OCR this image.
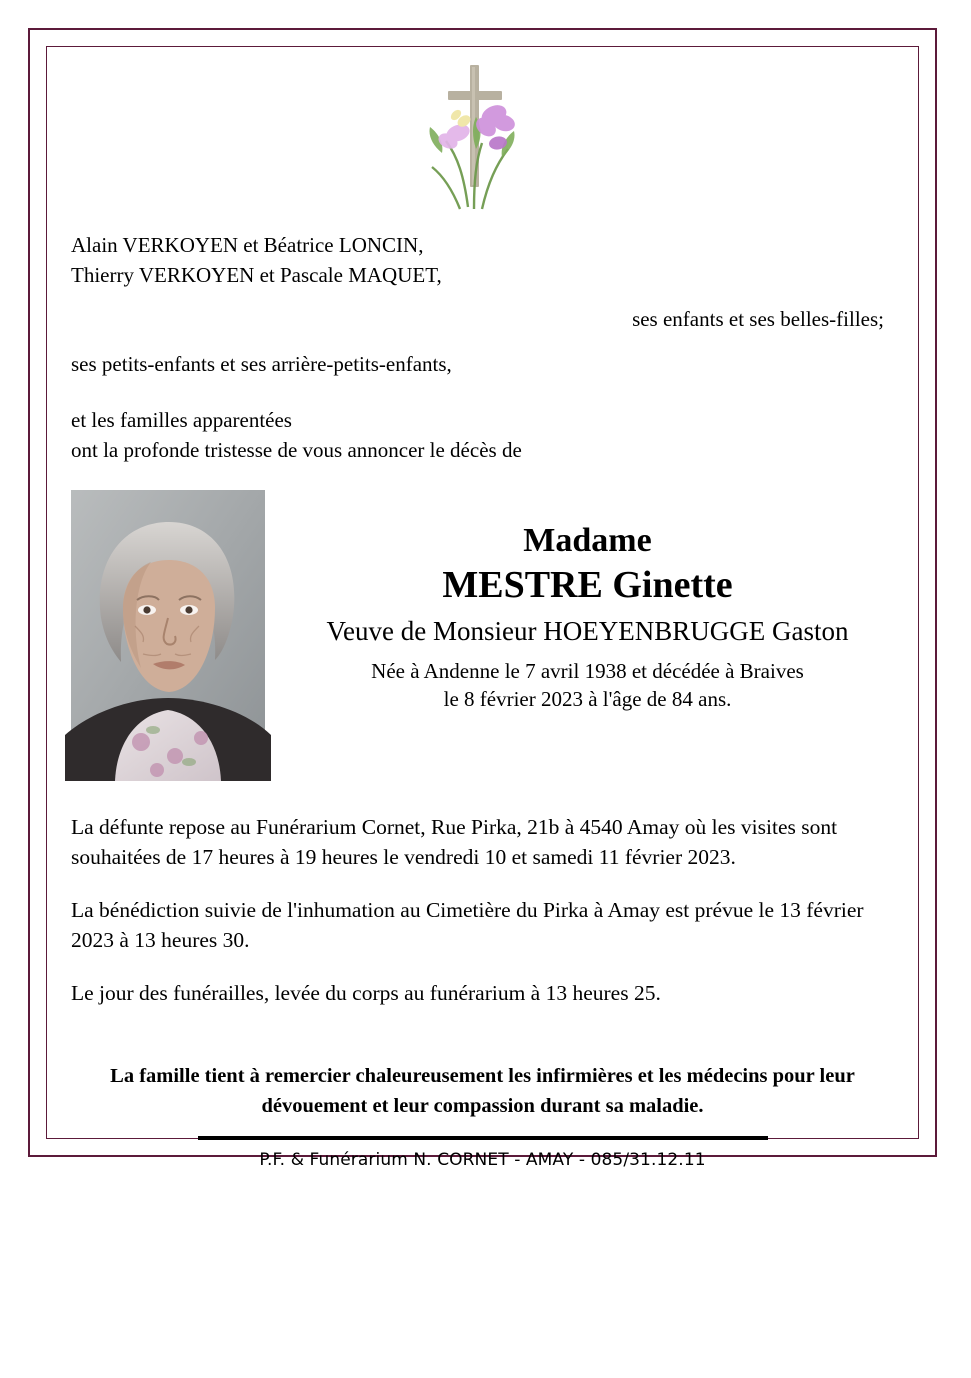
Alain VERKOYEN et Béatrice LONCIN,
Thierry VERKOYEN et Pascale MAQUET,
ses enfants et ses belles-filles;
ses petits-enfants et ses arrière-petits-enfants,
et les familles apparentées
ont la profonde tristesse de vous annoncer le décès de
Madame
MESTRE Ginette
Veuve de Monsieur HOEYENBRUGGE Gaston
Née à Andenne le 7 avril 1938 et décédée à Braives
le 8 février 2023 à l'âge de 84 ans.
La défunte repose au Funérarium Cornet, Rue Pirka, 21b à 4540 Amay où les visites sont souhaitées de 17 heures à 19 heures le vendredi 10 et samedi 11 février 2023.
La bénédiction suivie de l'inhumation au Cimetière du Pirka à Amay est prévue le 13 février 2023 à 13 heures 30.
Le jour des funérailles, levée du corps au funérarium à 13 heures 25.
La famille tient à remercier chaleureusement les infirmières et les médecins pour leur dévouement et leur compassion durant sa maladie.
P.F. & Funérarium N. CORNET - AMAY - 085/31.12.11
